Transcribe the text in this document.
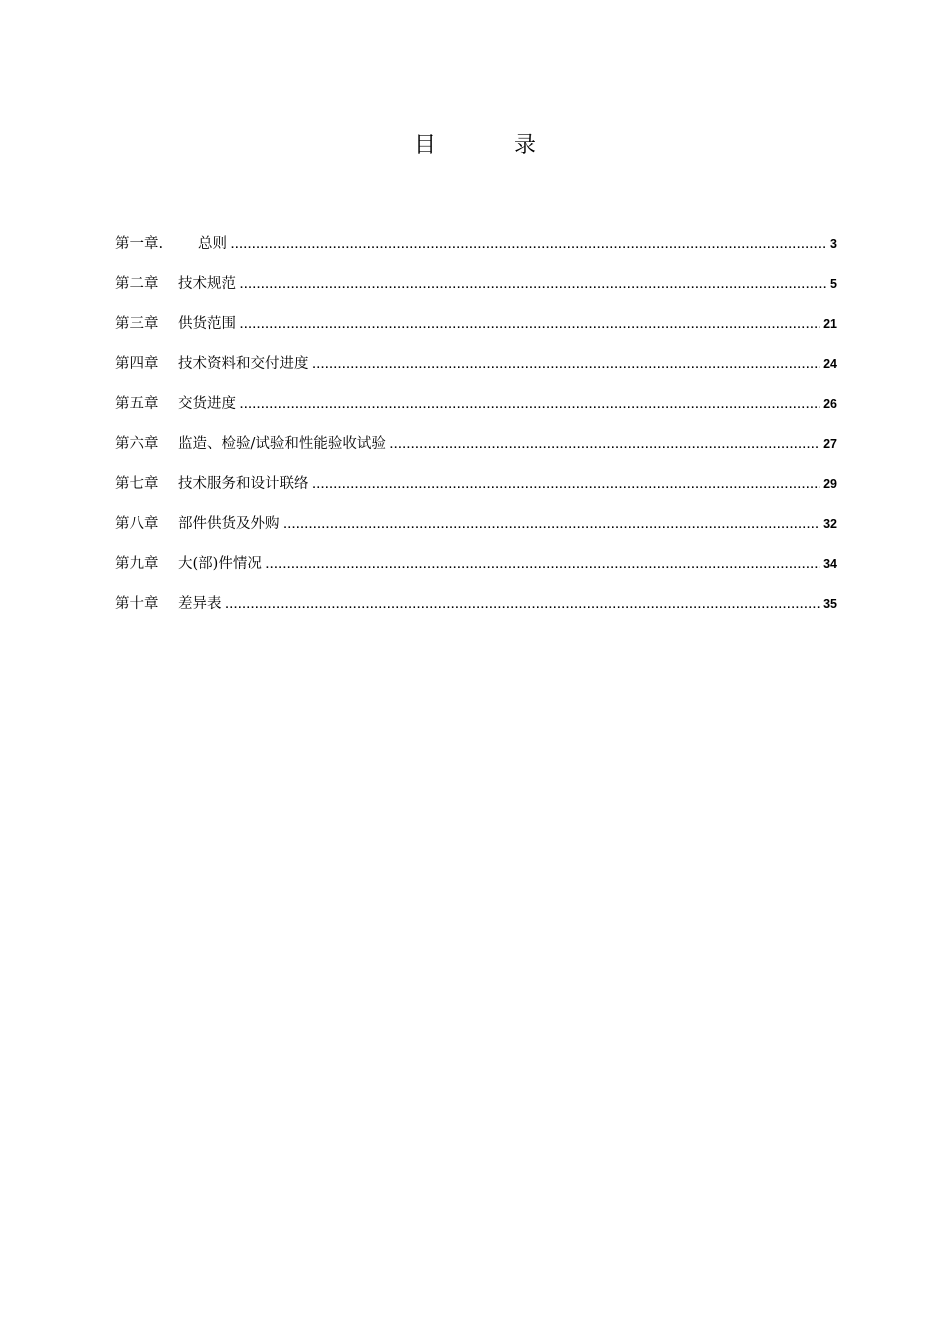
目　录
第一章.	总则 .....	3
第二章	技术规范 .....	5
第三章	供货范围 .....	21
第四章	技术资料和交付进度 .....	24
第五章	交货进度 .....	26
第六章	监造、检验/试验和性能验收试验 .....	27
第七章	技术服务和设计联络 .....	29
第八章	部件供货及外购 .....	32
第九章	大(部)件情况 .....	34
第十章	差异表 .....	35
